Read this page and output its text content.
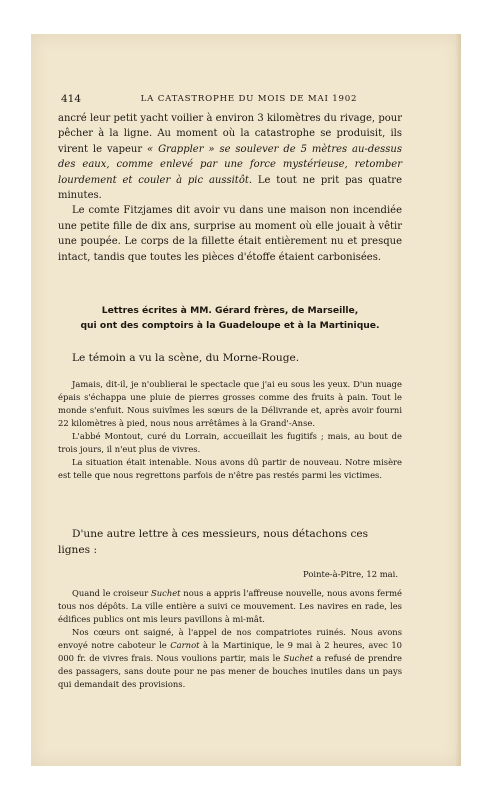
414	LA CATASTROPHE DU MOIS DE MAI 1902

ancré leur petit yacht voilier à environ 3 kilomètres du rivage, pour pêcher à la ligne. Au moment où la catastrophe se produisit, ils virent le vapeur « Grappler » se soulever de 5 mètres au-dessus des eaux, comme enlevé par une force mystérieuse, retomber lourdement et couler à pic aussitôt. Le tout ne prit pas quatre minutes.

Le comte Fitzjames dit avoir vu dans une maison non incendiée une petite fille de dix ans, surprise au moment où elle jouait à vêtir une poupée. Le corps de la fillette était entièrement nu et presque intact, tandis que toutes les pièces d'étoffe étaient carbonisées.

Lettres écrites à MM. Gérard frères, de Marseille,
qui ont des comptoirs à la Guadeloupe et à la Martinique.

Le témoin a vu la scène, du Morne-Rouge.

Jamais, dit-il, je n'oublierai le spectacle que j'ai eu sous les yeux. D'un nuage épais s'échappa une pluie de pierres grosses comme des fruits à pain. Tout le monde s'enfuit. Nous suivîmes les sœurs de la Délivrande et, après avoir fourni 22 kilomètres à pied, nous nous arrêtâmes à la Grand'-Anse.

L'abbé Montout, curé du Lorrain, accueillait les fugitifs ; mais, au bout de trois jours, il n'eut plus de vivres.

La situation était intenable. Nous avons dû partir de nouveau. Notre misère est telle que nous regrettons parfois de n'être pas restés parmi les victimes.

D'une autre lettre à ces messieurs, nous détachons ces lignes :

Pointe-à-Pitre, 12 mai.

Quand le croiseur Suchet nous a appris l'affreuse nouvelle, nous avons fermé tous nos dépôts. La ville entière a suivi ce mouvement. Les navires en rade, les édifices publics ont mis leurs pavillons à mi-mât.

Nos cœurs ont saigné, à l'appel de nos compatriotes ruinés. Nous avons envoyé notre caboteur le Carnot à la Martinique, le 9 mai à 2 heures, avec 10 000 fr. de vivres frais. Nous voulions partir, mais le Suchet a refusé de prendre des passagers, sans doute pour ne pas mener de bouches inutiles dans un pays qui demandait des provisions.
